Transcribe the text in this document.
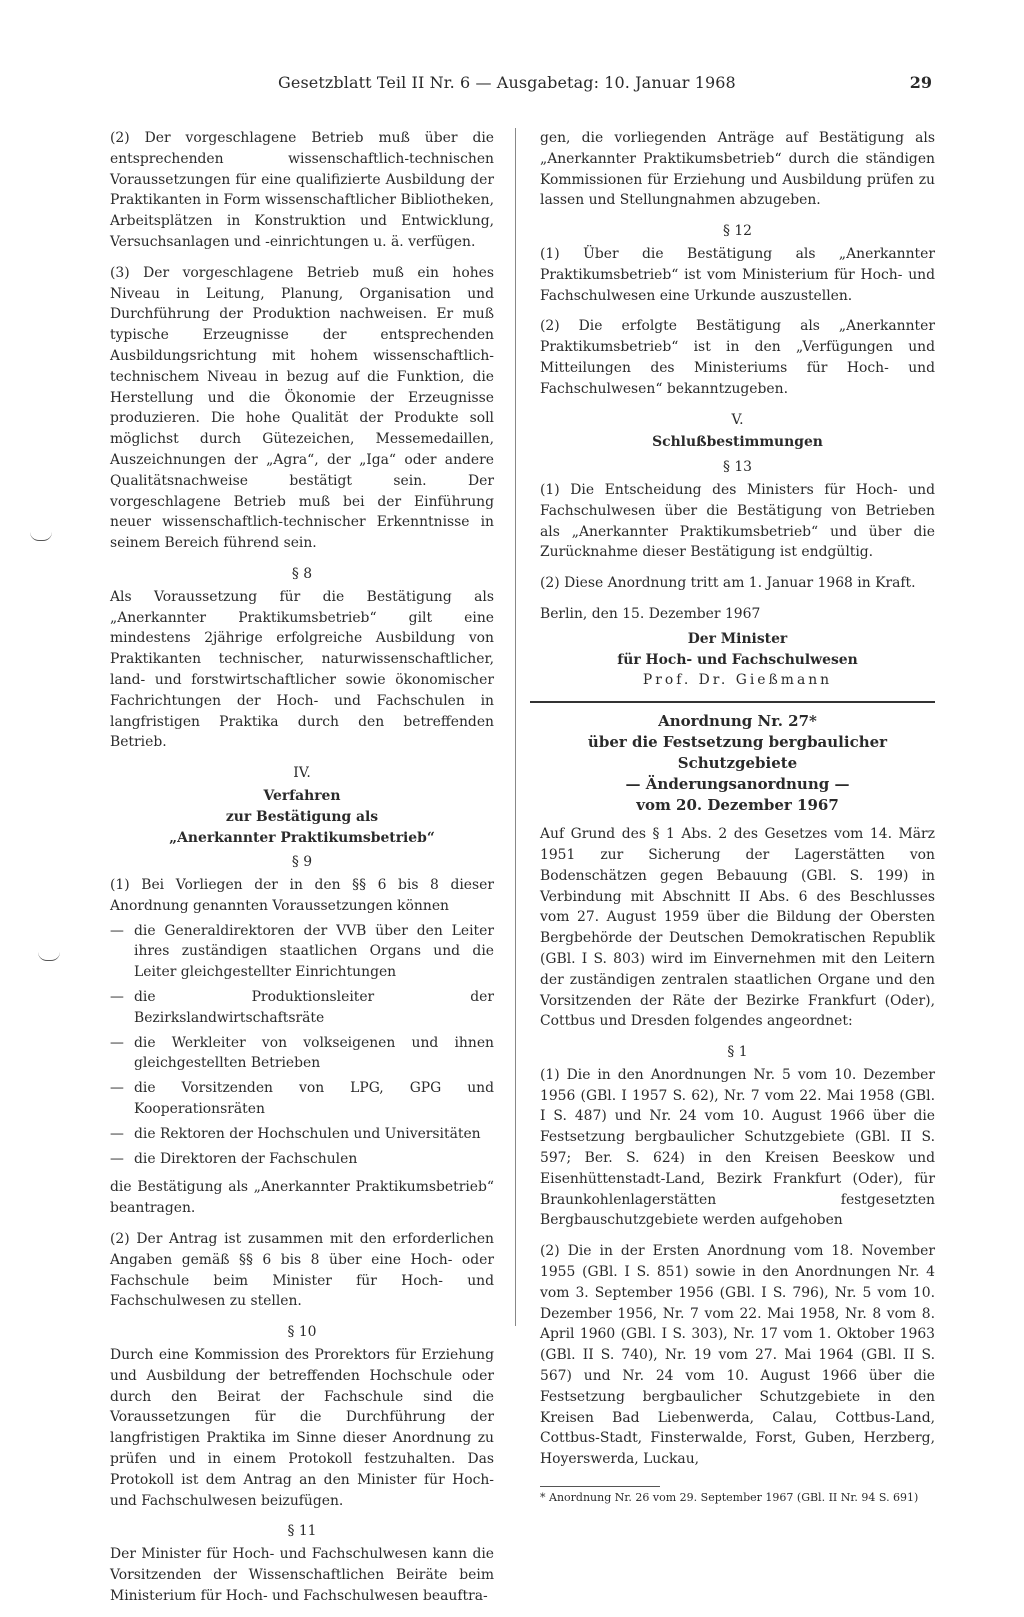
Gesetzblatt Teil II Nr. 6 — Ausgabetag: 10. Januar 1968	29

(2) Der vorgeschlagene Betrieb muß über die entsprechenden wissenschaftlich-technischen Voraussetzungen für eine qualifizierte Ausbildung der Praktikanten in Form wissenschaftlicher Bibliotheken, Arbeitsplätzen in Konstruktion und Entwicklung, Versuchsanlagen und -einrichtungen u. ä. verfügen.

(3) Der vorgeschlagene Betrieb muß ein hohes Niveau in Leitung, Planung, Organisation und Durchführung der Produktion nachweisen. Er muß typische Erzeugnisse der entsprechenden Ausbildungsrichtung mit hohem wissenschaftlich-technischem Niveau in bezug auf die Funktion, die Herstellung und die Ökonomie der Erzeugnisse produzieren. Die hohe Qualität der Produkte soll möglichst durch Gütezeichen, Messemedaillen, Auszeichnungen der „Agra“, der „Iga“ oder andere Qualitätsnachweise bestätigt sein. Der vorgeschlagene Betrieb muß bei der Einführung neuer wissenschaftlich-technischer Erkenntnisse in seinem Bereich führend sein.

§ 8

Als Voraussetzung für die Bestätigung als „Anerkannter Praktikumsbetrieb“ gilt eine mindestens 2jährige erfolgreiche Ausbildung von Praktikanten technischer, naturwissenschaftlicher, land- und forstwirtschaftlicher sowie ökonomischer Fachrichtungen der Hoch- und Fachschulen in langfristigen Praktika durch den betreffenden Betrieb.

IV.

Verfahren

zur Bestätigung als

„Anerkannter Praktikumsbetrieb“

§ 9

(1) Bei Vorliegen der in den §§ 6 bis 8 dieser Anordnung genannten Voraussetzungen können

— die Generaldirektoren der VVB über den Leiter ihres zuständigen staatlichen Organs und die Leiter gleichgestellter Einrichtungen
— die Produktionsleiter der Bezirkslandwirtschaftsräte
— die Werkleiter von volkseigenen und ihnen gleichgestellten Betrieben
— die Vorsitzenden von LPG, GPG und Kooperationsräten
— die Rektoren der Hochschulen und Universitäten
— die Direktoren der Fachschulen

die Bestätigung als „Anerkannter Praktikumsbetrieb“ beantragen.

(2) Der Antrag ist zusammen mit den erforderlichen Angaben gemäß §§ 6 bis 8 über eine Hoch- oder Fachschule beim Minister für Hoch- und Fachschulwesen zu stellen.

§ 10

Durch eine Kommission des Prorektors für Erziehung und Ausbildung der betreffenden Hochschule oder durch den Beirat der Fachschule sind die Voraussetzungen für die Durchführung der langfristigen Praktika im Sinne dieser Anordnung zu prüfen und in einem Protokoll festzuhalten. Das Protokoll ist dem Antrag an den Minister für Hoch- und Fachschulwesen beizufügen.

§ 11

Der Minister für Hoch- und Fachschulwesen kann die Vorsitzenden der Wissenschaftlichen Beiräte beim Ministerium für Hoch- und Fachschulwesen beauftra-

gen, die vorliegenden Anträge auf Bestätigung als „Anerkannter Praktikumsbetrieb“ durch die ständigen Kommissionen für Erziehung und Ausbildung prüfen zu lassen und Stellungnahmen abzugeben.

§ 12

(1) Über die Bestätigung als „Anerkannter Praktikumsbetrieb“ ist vom Ministerium für Hoch- und Fachschulwesen eine Urkunde auszustellen.

(2) Die erfolgte Bestätigung als „Anerkannter Praktikumsbetrieb“ ist in den „Verfügungen und Mitteilungen des Ministeriums für Hoch- und Fachschulwesen“ bekanntzugeben.

V.

Schlußbestimmungen

§ 13

(1) Die Entscheidung des Ministers für Hoch- und Fachschulwesen über die Bestätigung von Betrieben als „Anerkannter Praktikumsbetrieb“ und über die Zurücknahme dieser Bestätigung ist endgültig.

(2) Diese Anordnung tritt am 1. Januar 1968 in Kraft.

Berlin, den 15. Dezember 1967

Der Minister

für Hoch- und Fachschulwesen

Prof. Dr. Gießmann

Anordnung Nr. 27*

über die Festsetzung bergbaulicher Schutzgebiete

— Änderungsanordnung —

vom 20. Dezember 1967

Auf Grund des § 1 Abs. 2 des Gesetzes vom 14. März 1951 zur Sicherung der Lagerstätten von Bodenschätzen gegen Bebauung (GBl. S. 199) in Verbindung mit Abschnitt II Abs. 6 des Beschlusses vom 27. August 1959 über die Bildung der Obersten Bergbehörde der Deutschen Demokratischen Republik (GBl. I S. 803) wird im Einvernehmen mit den Leitern der zuständigen zentralen staatlichen Organe und den Vorsitzenden der Räte der Bezirke Frankfurt (Oder), Cottbus und Dresden folgendes angeordnet:

§ 1

(1) Die in den Anordnungen Nr. 5 vom 10. Dezember 1956 (GBl. I 1957 S. 62), Nr. 7 vom 22. Mai 1958 (GBl. I S. 487) und Nr. 24 vom 10. August 1966 über die Festsetzung bergbaulicher Schutzgebiete (GBl. II S. 597; Ber. S. 624) in den Kreisen Beeskow und Eisenhüttenstadt-Land, Bezirk Frankfurt (Oder), für Braunkohlenlagerstätten festgesetzten Bergbauschutzgebiete werden aufgehoben

(2) Die in der Ersten Anordnung vom 18. November 1955 (GBl. I S. 851) sowie in den Anordnungen Nr. 4 vom 3. September 1956 (GBl. I S. 796), Nr. 5 vom 10. Dezember 1956, Nr. 7 vom 22. Mai 1958, Nr. 8 vom 8. April 1960 (GBl. I S. 303), Nr. 17 vom 1. Oktober 1963 (GBl. II S. 740), Nr. 19 vom 27. Mai 1964 (GBl. II S. 567) und Nr. 24 vom 10. August 1966 über die Festsetzung bergbaulicher Schutzgebiete in den Kreisen Bad Liebenwerda, Calau, Cottbus-Land, Cottbus-Stadt, Finsterwalde, Forst, Guben, Herzberg, Hoyerswerda, Luckau,

* Anordnung Nr. 26 vom 29. September 1967 (GBl. II Nr. 94 S. 691)
